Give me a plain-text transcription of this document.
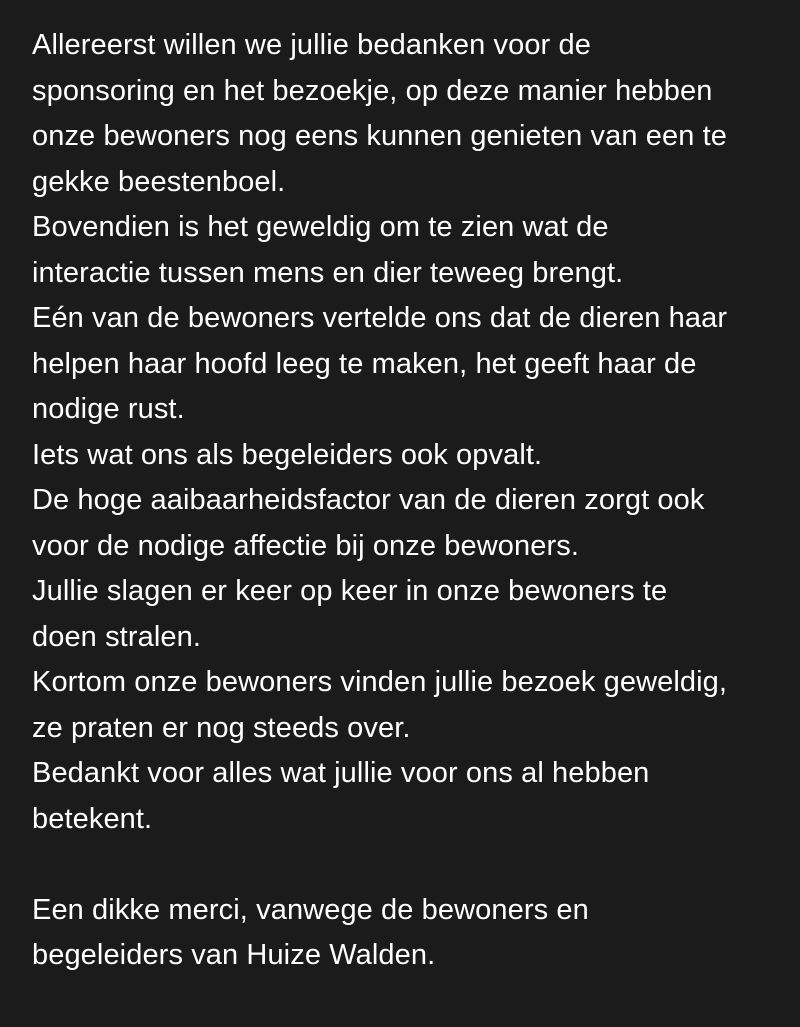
Allereerst willen we jullie bedanken voor de
sponsoring en het bezoekje, op deze manier hebben
onze bewoners nog eens kunnen genieten van een te
gekke beestenboel.
Bovendien is het geweldig om te zien wat de
interactie tussen mens en dier teweeg brengt.
Eén van de bewoners vertelde ons dat de dieren haar
helpen haar hoofd leeg te maken, het geeft haar de
nodige rust.
Iets wat ons als begeleiders ook opvalt.
De hoge aaibaarheidsfactor van de dieren zorgt ook
voor de nodige affectie bij onze bewoners.
Jullie slagen er keer op keer in onze bewoners te
doen stralen.
Kortom onze bewoners vinden jullie bezoek geweldig,
ze praten er nog steeds over.
Bedankt voor alles wat jullie voor ons al hebben
betekent.
Een dikke merci, vanwege de bewoners en
begeleiders van Huize Walden.
